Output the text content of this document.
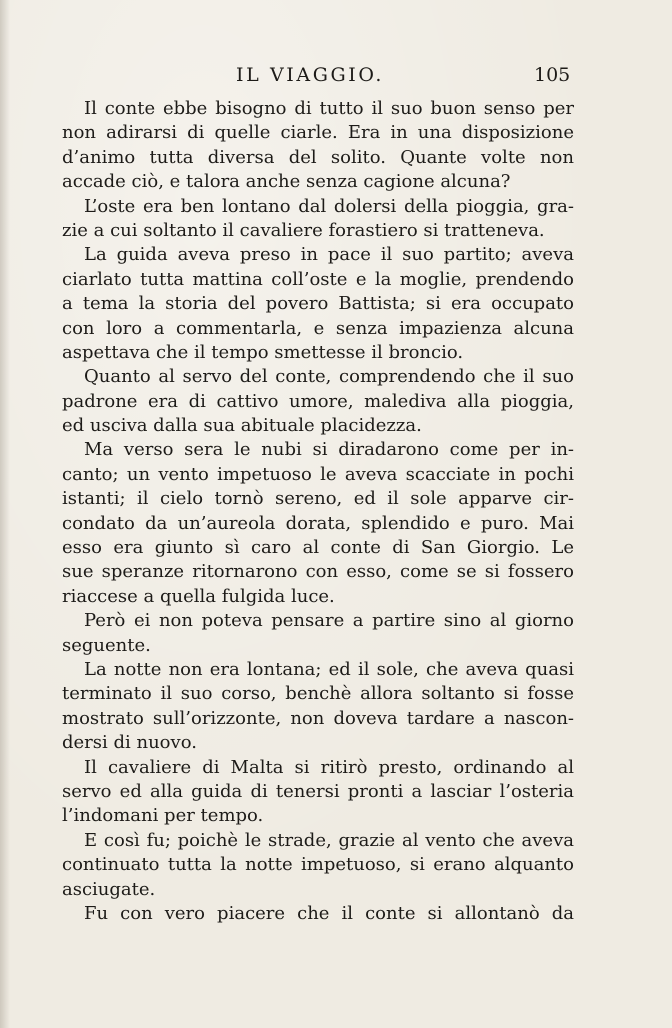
IL VIAGGIO.	105
Il conte ebbe bisogno di tutto il suo buon senso per
non adirarsi di quelle ciarle. Era in una disposizione
d’animo tutta diversa del solito. Quante volte non
accade ciò, e talora anche senza cagione alcuna?
L’oste era ben lontano dal dolersi della pioggia, gra-
zie a cui soltanto il cavaliere forastiero si tratteneva.
La guida aveva preso in pace il suo partito; aveva
ciarlato tutta mattina coll’oste e la moglie, prendendo
a tema la storia del povero Battista; si era occupato
con loro a commentarla, e senza impazienza alcuna
aspettava che il tempo smettesse il broncio.
Quanto al servo del conte, comprendendo che il suo
padrone era di cattivo umore, malediva alla pioggia,
ed usciva dalla sua abituale placidezza.
Ma verso sera le nubi si diradarono come per in-
canto; un vento impetuoso le aveva scacciate in pochi
istanti; il cielo tornò sereno, ed il sole apparve cir-
condato da un’aureola dorata, splendido e puro. Mai
esso era giunto sì caro al conte di San Giorgio. Le
sue speranze ritornarono con esso, come se si fossero
riaccese a quella fulgida luce.
Però ei non poteva pensare a partire sino al giorno
seguente.
La notte non era lontana; ed il sole, che aveva quasi
terminato il suo corso, benchè allora soltanto si fosse
mostrato sull’orizzonte, non doveva tardare a nascon-
dersi di nuovo.
Il cavaliere di Malta si ritirò presto, ordinando al
servo ed alla guida di tenersi pronti a lasciar l’osteria
l’indomani per tempo.
E così fu; poichè le strade, grazie al vento che aveva
continuato tutta la notte impetuoso, si erano alquanto
asciugate.
Fu con vero piacere che il conte si allontanò da
